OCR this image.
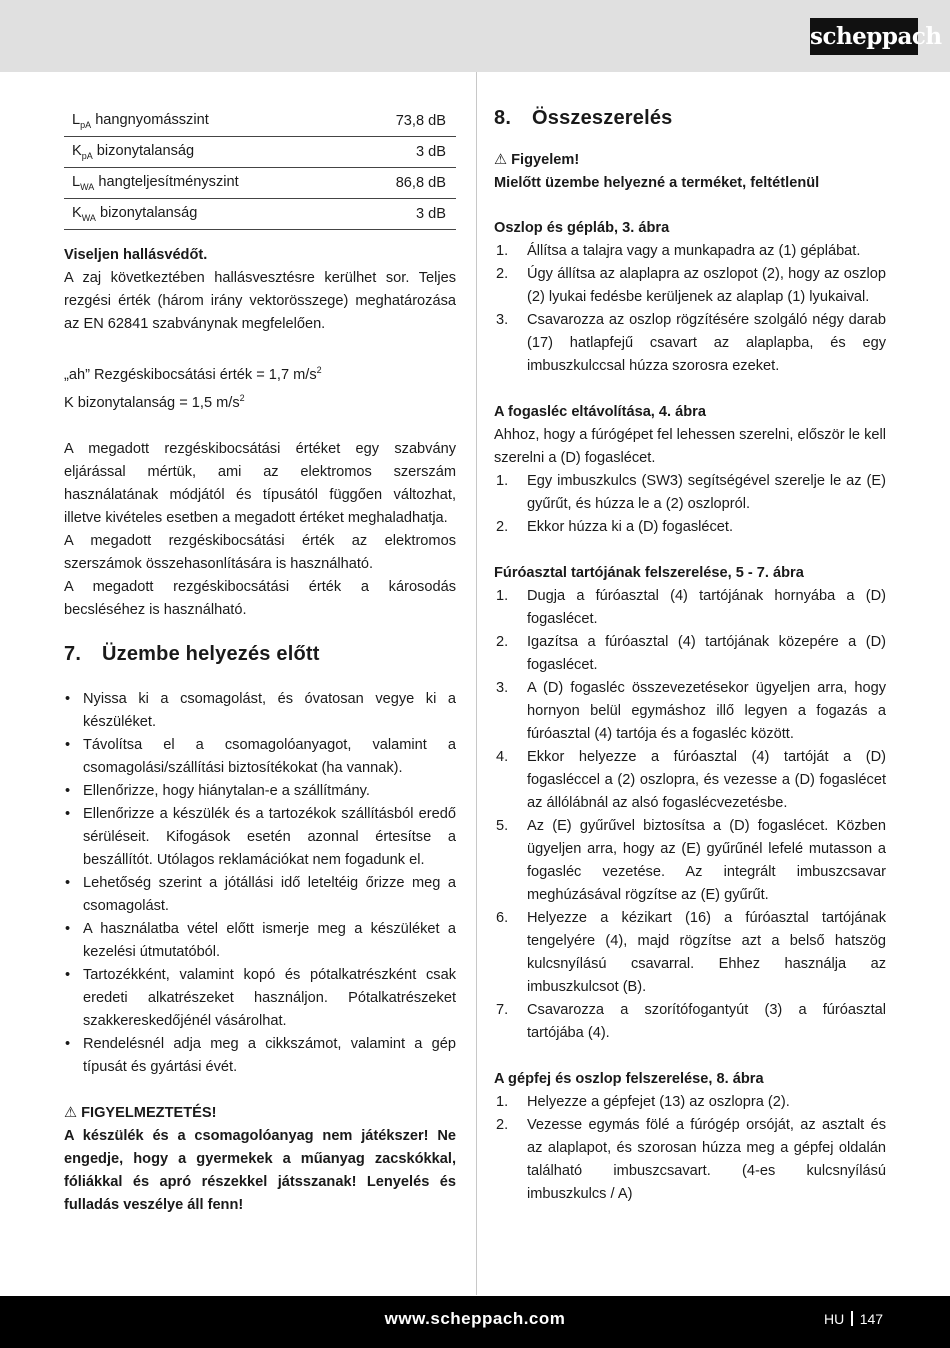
scheppach
$L_{pA}$ hangnyomásszint	73,8 dB
$K_{pA}$ bizonytalanság	3 dB
$L_{WA}$ hangteljesítményszint	86,8 dB
$K_{WA}$ bizonytalanság	3 dB

Viseljen hallásvédőt.

A zaj következtében hallásvesztésre kerülhet sor. Teljes rezgési érték (három irány vektorösszege) meghatározása az EN 62841 szabványnak megfelelően.

„ah” Rezgéskibocsátási érték = 1,7 $m/s^2$

K bizonytalanság = 1,5 $m/s^2$

A megadott rezgéskibocsátási értéket egy szabvány eljárással mértük, ami az elektromos szerszám használatának módjától és típusától függően változhat, illetve kivételes esetben a megadott értéket meghaladhatja.

A megadott rezgéskibocsátási érték az elektromos szerszámok összehasonlítására is használható.

A megadott rezgéskibocsátási érték a károsodás becsléséhez is használható.

7. Üzembe helyezés előtt
• Nyissa ki a csomagolást, és óvatosan vegye ki a készüléket.
• Távolítsa el a csomagolóanyagot, valamint a csomagolási/szállítási biztosítékokat (ha vannak).
• Ellenőrizze, hogy hiánytalan-e a szállítmány.
• Ellenőrizze a készülék és a tartozékok szállításból eredő sérüléseit. Kifogások esetén azonnal értesítse a beszállítót. Utólagos reklamációkat nem fogadunk el.
• Lehetőség szerint a jótállási idő leteltéig őrizze meg a csomagolást.
• A használatba vétel előtt ismerje meg a készüléket a kezelési útmutatóból.
• Tartozékként, valamint kopó és pótalkatrészként csak eredeti alkatrészeket használjon. Pótalkatrészeket szakkereskedőjénél vásárolhat.
• Rendelésnél adja meg a cikkszámot, valamint a gép típusát és gyártási évét.

⚠ FIGYELMEZTETÉS!

A készülék és a csomagolóanyag nem játékszer! Ne engedje, hogy a gyermekek a műanyag zacskókkal, fóliákkal és apró részekkel játsszanak! Lenyelés és fulladás veszélye áll fenn!

8. Összeszerelés

⚠ Figyelem!

Mielőtt üzembe helyezné a terméket, feltétlenül

Oszlop és gépláb, 3. ábra

1. Állítsa a talajra vagy a munkapadra az (1) géplábat.
2. Úgy állítsa az alaplapra az oszlopot (2), hogy az oszlop (2) lyukai fedésbe kerüljenek az alaplap (1) lyukaival.
3. Csavarozza az oszlop rögzítésére szolgáló négy darab (17) hatlapfejű csavart az alaplapba, és egy imbuszkulccsal húzza szorosra ezeket.

A fogasléc eltávolítása, 4. ábra

Ahhoz, hogy a fúrógépet fel lehessen szerelni, először le kell szerelni a (D) fogaslécet.

1. Egy imbuszkulcs (SW3) segítségével szerelje le az (E) gyűrűt, és húzza le a (2) oszlopról.
2. Ekkor húzza ki a (D) fogaslécet.

Fúróasztal tartójának felszerelése, 5 - 7. ábra

1. Dugja a fúróasztal (4) tartójának hornyába a (D) fogaslécet.
2. Igazítsa a fúróasztal (4) tartójának közepére a (D) fogaslécet.
3. A (D) fogasléc összevezetésekor ügyeljen arra, hogy hornyon belül egymáshoz illő legyen a fogazás a fúróasztal (4) tartója és a fogasléc között.
4. Ekkor helyezze a fúróasztal (4) tartóját a (D) fogasléccel a (2) oszlopra, és vezesse a (D) fogaslécet az állólábnál az alsó fogaslécvezetésbe.
5. Az (E) gyűrűvel biztosítsa a (D) fogaslécet. Közben ügyeljen arra, hogy az (E) gyűrűnél lefelé mutasson a fogasléc vezetése. Az integrált imbuszcsavar meghúzásával rögzítse az (E) gyűrűt.
6. Helyezze a kézikart (16) a fúróasztal tartójának tengelyére (4), majd rögzítse azt a belső hatszög kulcsnyílású csavarral. Ehhez használja az imbuszkulcsot (B).
7. Csavarozza a szorítófogantyút (3) a fúróasztal tartójába (4).

A gépfej és oszlop felszerelése, 8. ábra

1. Helyezze a gépfejet (13) az oszlopra (2).
2. Vezesse egymás fölé a fúrógép orsóját, az asztalt és az alaplapot, és szorosan húzza meg a gépfej oldalán található imbuszcsavart. (4-es kulcsnyílású imbuszkulcs / A)
www.scheppach.com	HU 147
